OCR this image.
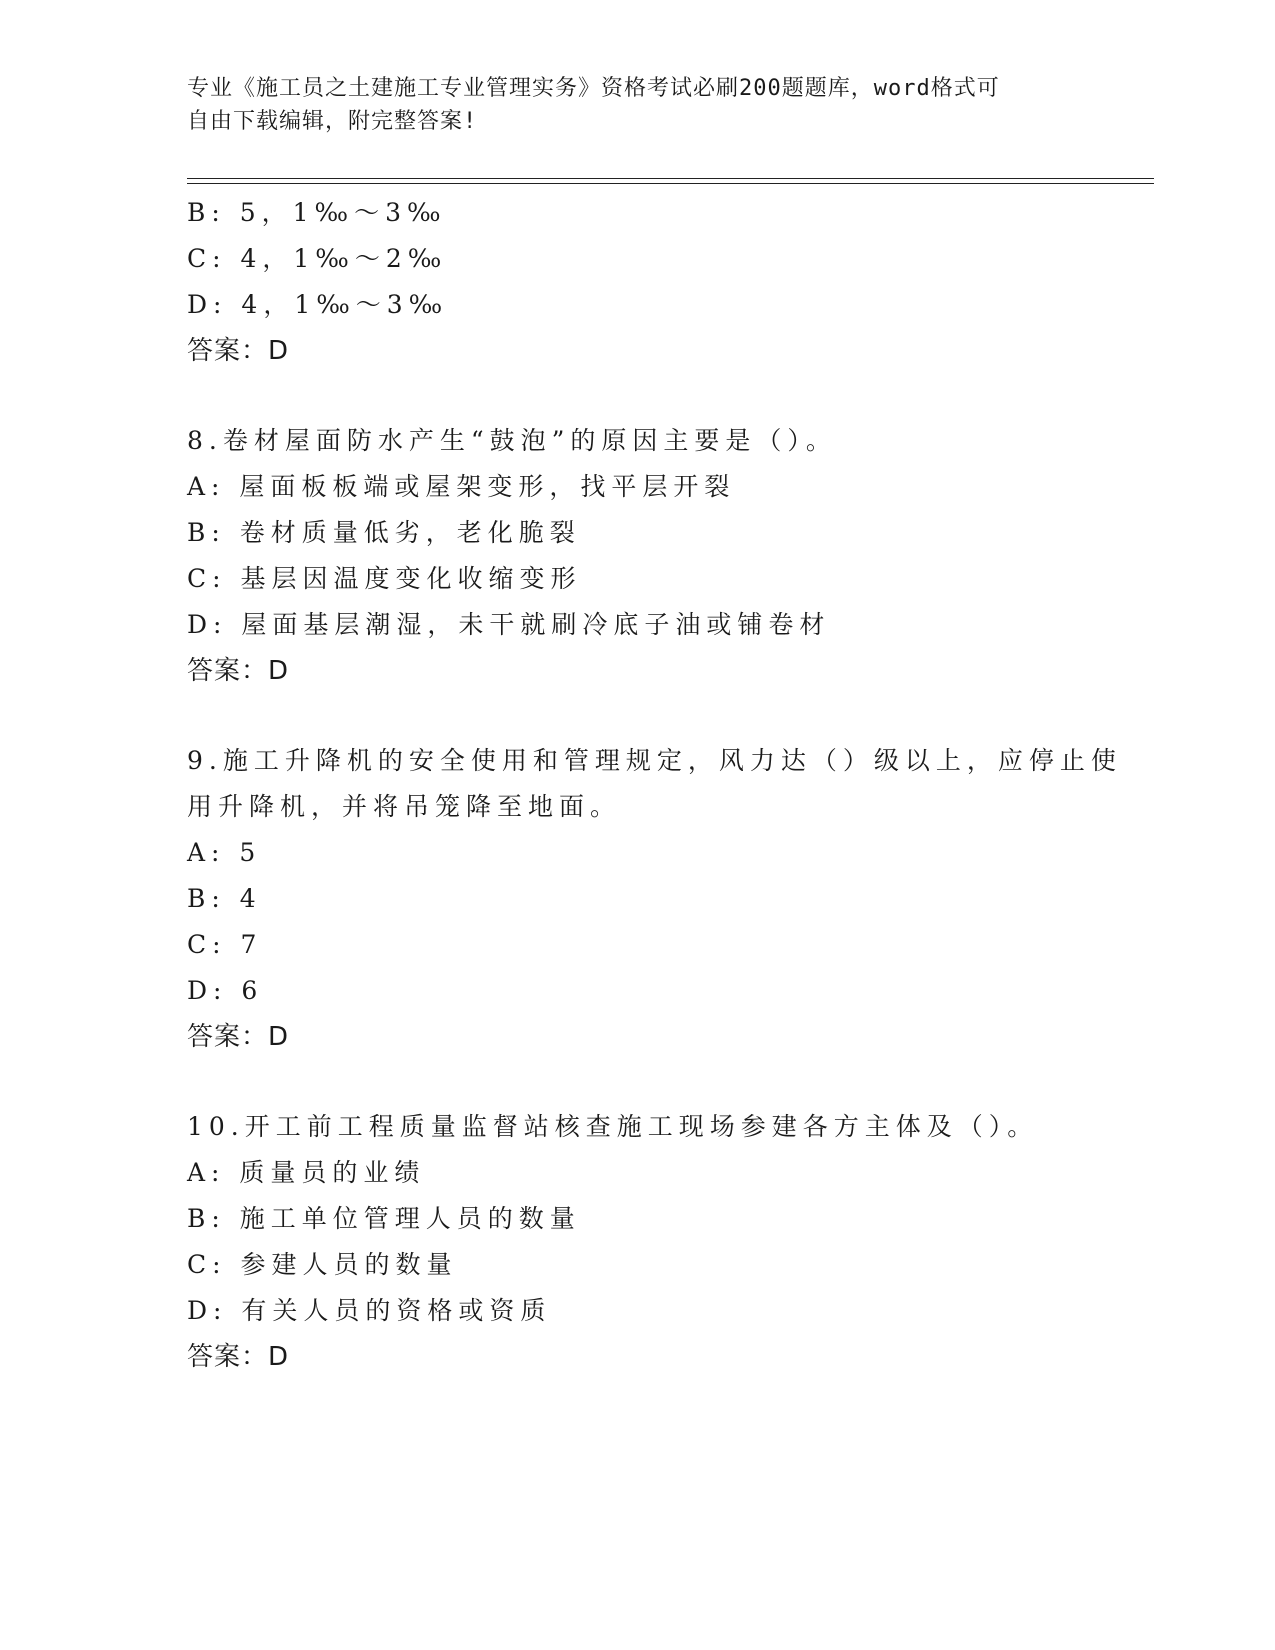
专业《施工员之土建施工专业管理实务》资格考试必刷200题题库，word格式可
自由下载编辑，附完整答案!
B: 5，1‰～3‰
C: 4，1‰～2‰
D: 4，1‰～3‰
答案：D
8.卷材屋面防水产生“鼓泡”的原因主要是（）。
A: 屋面板板端或屋架变形，找平层开裂
B: 卷材质量低劣，老化脆裂
C: 基层因温度变化收缩变形
D: 屋面基层潮湿，未干就刷冷底子油或铺卷材
答案：D
9.施工升降机的安全使用和管理规定，风力达（）级以上，应停止使
用升降机，并将吊笼降至地面。
A: 5
B: 4
C: 7
D: 6
答案：D
10.开工前工程质量监督站核查施工现场参建各方主体及（）。
A: 质量员的业绩
B: 施工单位管理人员的数量
C: 参建人员的数量
D: 有关人员的资格或资质
答案：D
